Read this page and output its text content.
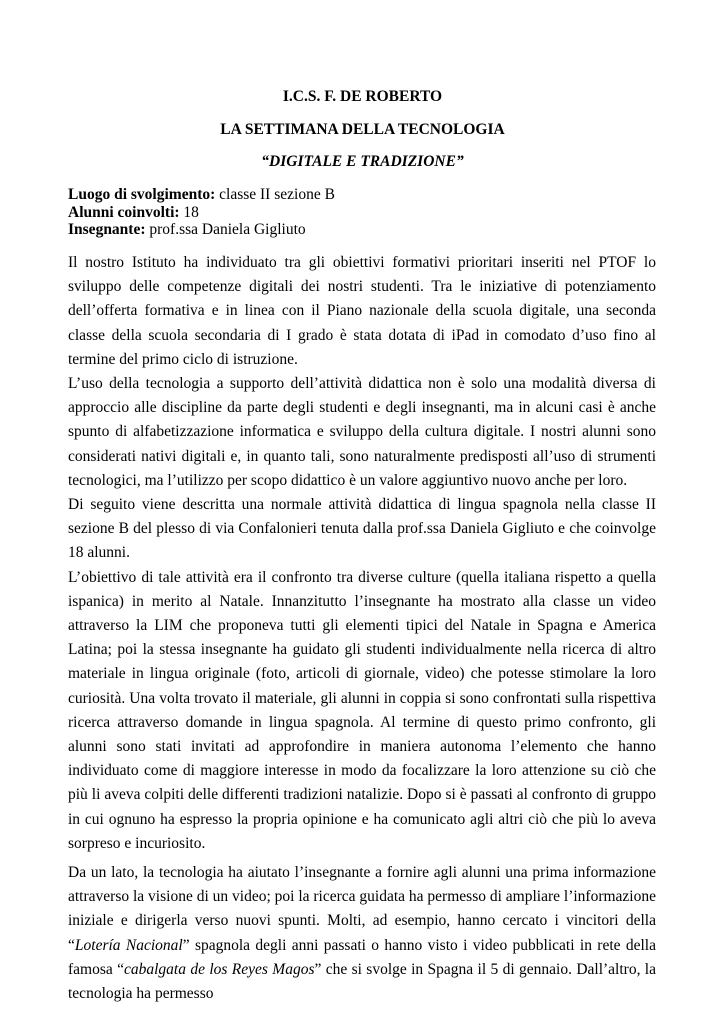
I.C.S. F. DE ROBERTO
LA SETTIMANA DELLA TECNOLOGIA
“DIGITALE E TRADIZIONE”
Luogo di svolgimento: classe II sezione B
Alunni coinvolti: 18
Insegnante: prof.ssa Daniela Gigliuto

Il nostro Istituto ha individuato tra gli obiettivi formativi prioritari inseriti nel PTOF lo sviluppo delle competenze digitali dei nostri studenti. Tra le iniziative di potenziamento dell’offerta formativa e in linea con il Piano nazionale della scuola digitale, una seconda classe della scuola secondaria di I grado è stata dotata di iPad in comodato d’uso fino al termine del primo ciclo di istruzione.

L’uso della tecnologia a supporto dell’attività didattica non è solo una modalità diversa di approccio alle discipline da parte degli studenti e degli insegnanti, ma in alcuni casi è anche spunto di alfabetizzazione informatica e sviluppo della cultura digitale. I nostri alunni sono considerati nativi digitali e, in quanto tali, sono naturalmente predisposti all’uso di strumenti tecnologici, ma l’utilizzo per scopo didattico è un valore aggiuntivo nuovo anche per loro.

Di seguito viene descritta una normale attività didattica di lingua spagnola nella classe II sezione B del plesso di via Confalonieri tenuta dalla prof.ssa Daniela Gigliuto e che coinvolge 18 alunni.

L’obiettivo di tale attività era il confronto tra diverse culture (quella italiana rispetto a quella ispanica) in merito al Natale. Innanzitutto l’insegnante ha mostrato alla classe un video attraverso la LIM che proponeva tutti gli elementi tipici del Natale in Spagna e America Latina; poi la stessa insegnante ha guidato gli studenti individualmente nella ricerca di altro materiale in lingua originale (foto, articoli di giornale, video) che potesse stimolare la loro curiosità. Una volta trovato il materiale, gli alunni in coppia si sono confrontati sulla rispettiva ricerca attraverso domande in lingua spagnola. Al termine di questo primo confronto, gli alunni sono stati invitati ad approfondire in maniera autonoma l’elemento che hanno individuato come di maggiore interesse in modo da focalizzare la loro attenzione su ciò che più li aveva colpiti delle differenti tradizioni natalizie. Dopo si è passati al confronto di gruppo in cui ognuno ha espresso la propria opinione e ha comunicato agli altri ciò che più lo aveva sorpreso e incuriosito.

Da un lato, la tecnologia ha aiutato l’insegnante a fornire agli alunni una prima informazione attraverso la visione di un video; poi la ricerca guidata ha permesso di ampliare l’informazione iniziale e dirigerla verso nuovi spunti. Molti, ad esempio, hanno cercato i vincitori della “Lotería Nacional” spagnola degli anni passati o hanno visto i video pubblicati in rete della famosa “cabalgata de los Reyes Magos” che si svolge in Spagna il 5 di gennaio. Dall’altro, la tecnologia ha permesso
